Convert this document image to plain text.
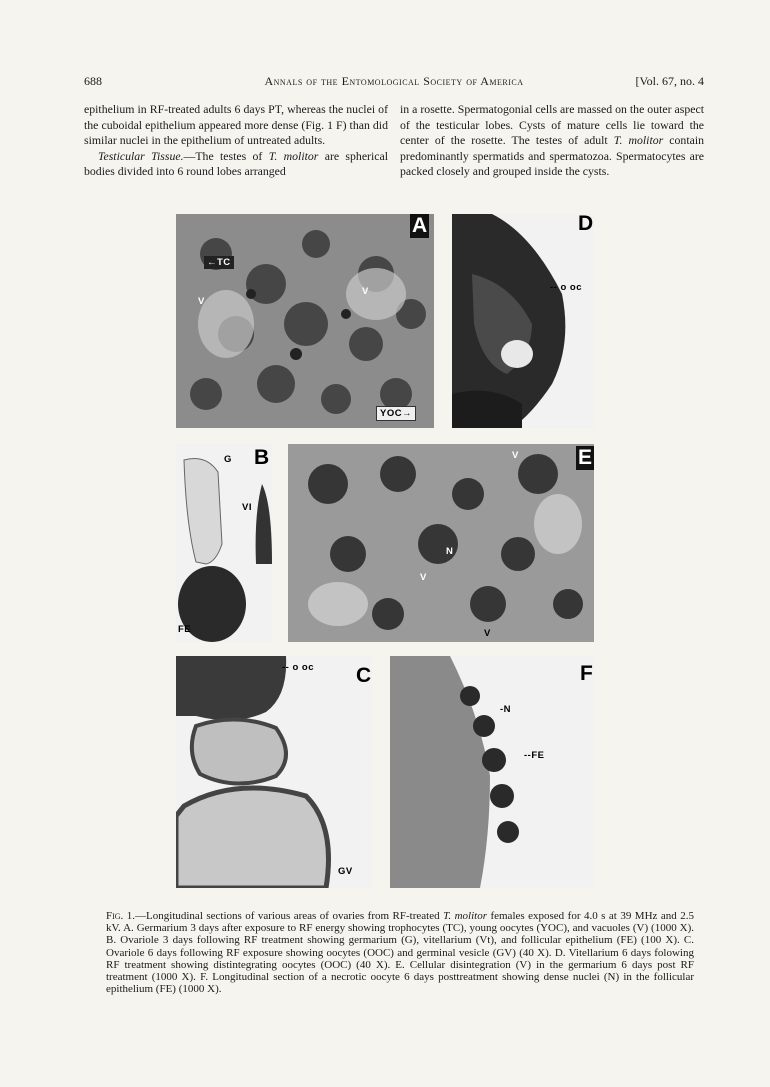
688	Annals of the Entomological Society of America	[Vol. 67, no. 4

epithelium in RF-treated adults 6 days PT, whereas the nuclei of the cuboidal epithelium appeared more dense (Fig. 1 F) than did similar nuclei in the epithelium of untreated adults.

Testicular Tissue.—The testes of T. molitor are spherical bodies divided into 6 round lobes arranged

in a rosette. Spermatogonial cells are massed on the outer aspect of the testicular lobes. Cysts of mature cells lie toward the center of the rosette. The testes of adult T. molitor contain predominantly spermatids and spermatozoa. Spermatocytes are packed closely and grouped inside the cysts.

A
←TC
V
V
YOC→
D
-- o oc
G B
VI
FE
V	E
N
V
V
-- o oc C
GV
F
-N
--FE
Fig. 1.—Longitudinal sections of various areas of ovaries from RF-treated T. molitor females exposed for 4.0 s at 39 MHz and 2.5 kV. A. Germarium 3 days after exposure to RF energy showing trophocytes (TC), young oocytes (YOC), and vacuoles (V) (1000 X). B. Ovariole 3 days following RF treatment showing germarium (G), vitellarium (Vt), and follicular epithelium (FE) (100 X). C. Ovariole 6 days following RF exposure showing oocytes (OOC) and germinal vesicle (GV) (40 X). D. Vitellarium 6 days folowing RF treatment showing distintegrating oocytes (OOC) (40 X). E. Cellular disintegration (V) in the germarium 6 days post RF treatment (1000 X). F. Longitudinal section of a necrotic oocyte 6 days posttreatment showing dense nuclei (N) in the follicular epithelium (FE) (1000 X).
